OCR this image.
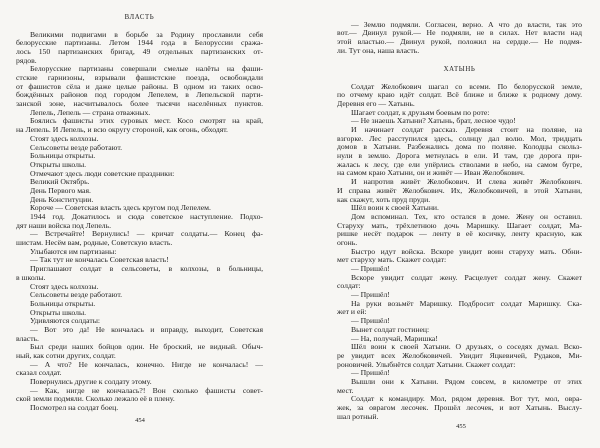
ВЛАСТЬ
Великими подвигами в борьбе за Родину прославили себя
белорусские партизаны. Летом 1944 года в Белоруссии сража-
лось 150 партизанских бригад, 49 отдельных партизанских от-
рядов.
Белорусские партизаны совершали смелые налёты на фаши-
стские гарнизоны, взрывали фашистские поезда, освобождали
от фашистов сёла и даже целые районы. В одном из таких осво-
бождённых районов под городом Лепелем, в Лепельской парти-
занской зоне, насчитывалось более тысячи населённых пунктов.
Лепель, Лепель — страна отважных.
Боялись фашисты этих суровых мест. Косо смотрят на край,
на Лепель. И Лепель, и всю округу стороной, как огонь, обходят.
Стоят здесь колхозы.
Сельсоветы везде работают.
Больницы открыты.
Открыты школы.
Отмечают здесь люди советские праздники:
Великий Октябрь.
День Первого мая.
День Конституции.
Короче — Советская власть здесь кругом под Лепелем.
1944 год. Докатилось и сюда советское наступление. Подхо-
дят наши войска под Лепель.
— Встречайте! Вернулись! — кричат солдаты.— Конец фа-
шистам. Несём вам, родные, Советскую власть.
Улыбаются им партизаны:
— Так тут не кончалась Советская власть!
Приглашают солдат в сельсоветы, в колхозы, в больницы,
в школы.
Стоят здесь колхозы.
Сельсоветы везде работают.
Больницы открыты.
Открыты школы.
Удивляются солдаты:
— Вот это да! Не кончалась и вправду, выходит, Советская
власть.
Был среди наших бойцов один. Не броский, не видный. Обыч-
ный, как сотни других, солдат.
— А что? Не кончалась, конечно. Нигде не кончалась! —
сказал солдат.
Повернулись другие к солдату этому.
— Как, нигде не кончалась?! Вон сколько фашисты совет-
ской земли подмяли. Сколько лежало её в плену.
Посмотрел на солдат боец.
454
— Землю подмяли. Согласен, верно. А что до власти, так это
вот.— Двинул рукой.— Не подмяли, не в силах. Нет власти над
этой властью.— Двинул рукой, положил на сердце.— Не подмя-
ли. Тут она, наша власть.
ХАТЫНЬ
Солдат Желобкович шагал со всеми. По белорусской земле,
по отчему краю идёт солдат. Всё ближе и ближе к родному дому.
Деревня его — Хатынь.
Шагает солдат, к друзьям боевым по роте:
— Не знаешь Хатыни? Хатынь, брат, лесное чудо!
И начинает солдат рассказ. Деревня стоит на поляне, на
взгорке. Лес расступился здесь, солнцу дал волю. Мол, тридцать
домов в Хатыни. Разбежались дома по поляне. Колодцы скольз-
нули в землю. Дорога метнулась в ели. И там, где дорога при-
жалась к лесу, где ели упёрлись стволами в небо, на самом бугре,
на самом краю Хатыни, он и живёт — Иван Желобкович.
И напротив живёт Желобкович. И слева живёт Желобкович.
И справа живёт Желобкович. Их, Желобковичей, в этой Хатыни,
как скажут, хоть пруд пруди.
Шёл воин к своей Хатыни.
Дом вспоминал. Тех, кто остался в доме. Жену он оставил.
Старуху мать, трёхлетнюю дочь Маришку. Шагает солдат, Ма-
ришке несёт подарок — ленту в её косичку, ленту красную, как
огонь.
Быстро идут войска. Вскоре увидит воин старуху мать. Обни-
мет старуху мать. Скажет солдат:
— Пришёл!
Вскоре увидит солдат жену. Расцелует солдат жену. Скажет
солдат:
— Пришёл!
На руки возьмёт Маришку. Подбросит солдат Маришку. Ска-
жет и ей:
— Пришёл!
Вынет солдат гостинец:
— На, получай, Маришка!
Шёл воин к своей Хатыни. О друзьях, о соседях думал. Вско-
ре увидит всех Желобковичей. Увидит Яцкевичей, Рудаков, Ми-
роновичей. Улыбнётся солдат Хатыни. Скажет солдат:
— Пришёл!
Вышли они к Хатыни. Рядом совсем, в километре от этих
мест.
Солдат к командиру. Мол, рядом деревня. Вот тут, мол, овра-
жек, за оврагом лесочек. Прошёл лесочек, и вот Хатынь. Выслу-
шал ротный.
455
